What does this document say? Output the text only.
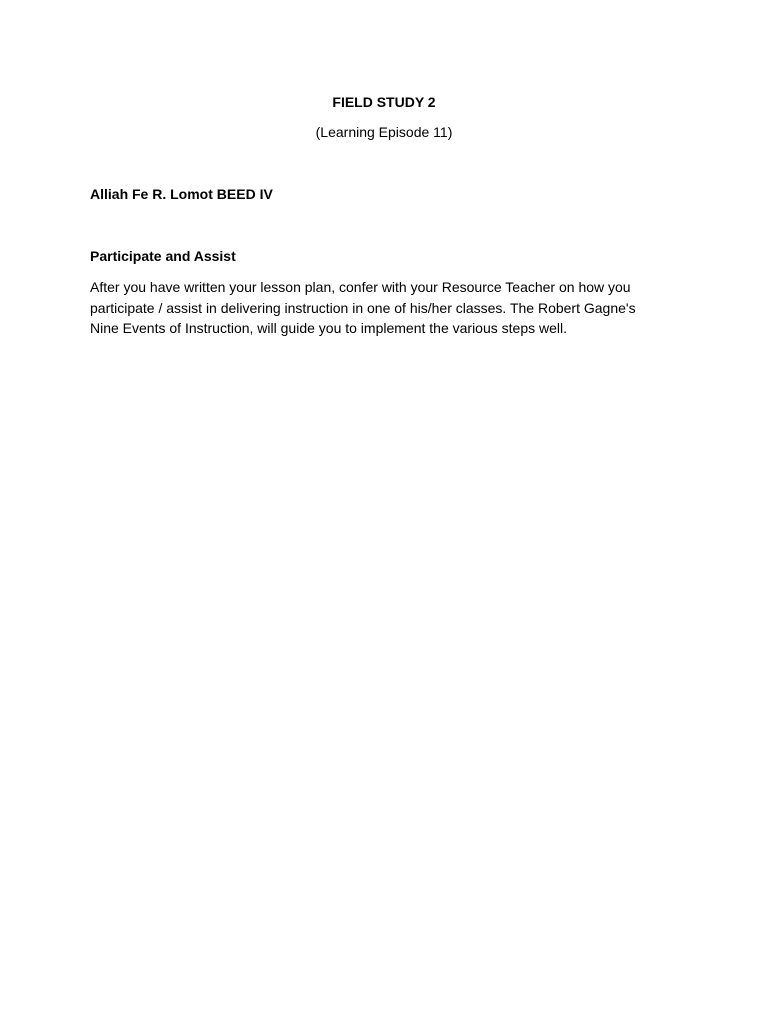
FIELD STUDY 2

(Learning Episode 11)

Alliah Fe R. Lomot BEED IV

Participate and Assist

After you have written your lesson plan, confer with your Resource Teacher on how you
participate / assist in delivering instruction in one of his/her classes. The Robert Gagne's
Nine Events of Instruction, will guide you to implement the various steps well.
